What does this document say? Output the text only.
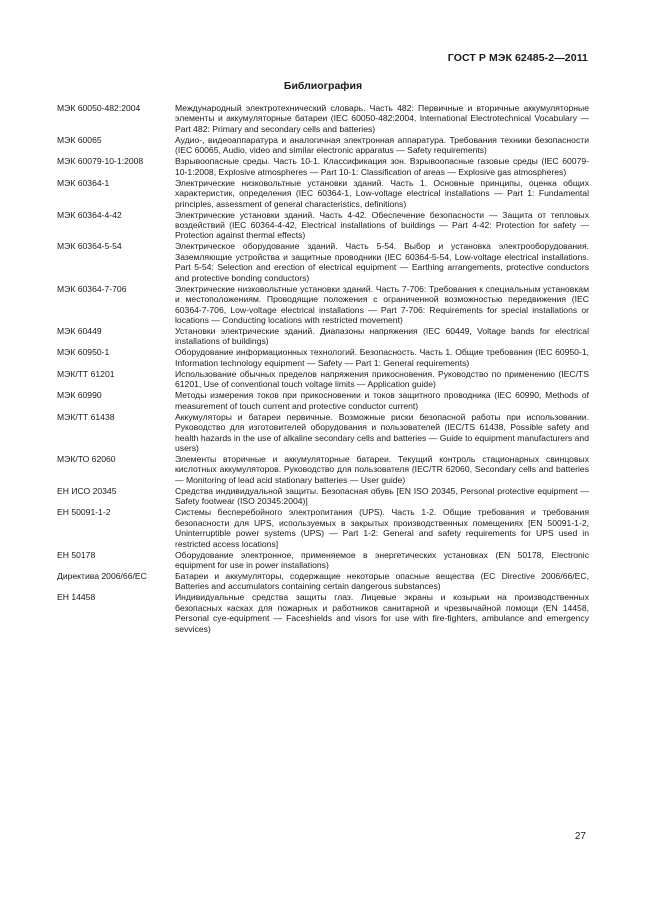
ГОСТ Р МЭК 62485-2—2011
Библиография
МЭК 60050-482:2004	Международный электротехнический словарь. Часть 482: Первичные и вторичные аккумуляторные элементы и аккумуляторные батареи (IEC 60050-482:2004, International Electrotechnical Vocabulary — Part 482: Primary and secondary cells and batteries)
МЭК 60065	Аудио-, видеоаппаратура и аналогичная электронная аппаратура. Требования техники безопасности (IEC 60065, Audio, video and similar electronic apparatus — Safety requirements)
МЭК 60079-10-1:2008	Взрывоопасные среды. Часть 10-1. Классификация зон. Взрывоопасные газовые среды (IEC 60079-10-1:2008, Explosive atmospheres — Part 10-1: Classification of areas — Explosive gas atmospheres)
МЭК 60364-1	Электрические низковольтные установки зданий. Часть 1. Основные принципы, оценка общих характеристик, определения (IEC 60364-1, Low-voltage electrical installations — Part 1: Fundamental principles, assessment of general characteristics, definitions)
МЭК 60364-4-42	Электрические установки зданий. Часть 4-42. Обеспечение безопасности — Защита от тепловых воздействий (IEC 60364-4-42, Electrical installations of buildings — Part 4-42: Protection for safety — Protection against thermal effects)
МЭК 60364-5-54	Электрическое оборудование зданий. Часть 5-54. Выбор и установка электрооборудования. Заземляющие устройства и защитные проводники (IEC 60364-5-54, Low-voltage electrical installations. Part 5-54: Selection and erection of electrical equipment — Earthing arrangements, protective conductors and protective bonding conductors)
МЭК 60364-7-706	Электрические низковольтные установки зданий. Часть 7-706: Требования к специальным установкам и местоположениям. Проводящие положения с ограниченной возможностью передвижения (IEC 60364-7-706, Low-voltage electrical installations — Part 7-706: Requirements for special installations or locations — Conducting locations with restricted movement)
МЭК 60449	Установки электрические зданий. Диапазоны напряжения (IEC 60449, Voltage bands for electrical installations of buildings)
МЭК 60950-1	Оборудование информационных технологий. Безопасность. Часть 1. Общие требования (IEC 60950-1, Information technology equipment — Safety — Part 1: General requirements)
МЭК/ТТ 61201	Использование обычных пределов напряжения прикосновения. Руководство по применению (IEC/TS 61201, Use of conventional touch voltage limits — Application guide)
МЭК 60990	Методы измерения токов при прикосновении и токов защитного проводника (IEC 60990, Methods of measurement of touch current and protective conductor current)
МЭК/ТТ 61438	Аккумуляторы и батареи первичные. Возможные риски безопасной работы при использовании. Руководство для изготовителей оборудования и пользователей (IEC/TS 61438, Possible safety and health hazards in the use of alkaline secondary cells and batteries — Guide to equipment manufacturers and users)
МЭК/ТО 62060	Элементы вторичные и аккумуляторные батареи. Текущий контроль стационарных свинцовых кислотных аккумуляторов. Руководство для пользователя (IEC/TR 62060, Secondary cells and batteries — Monitoring of lead acid stationary batteries — User guide)
ЕН ИСО 20345	Средства индивидуальной защиты. Безопасная обувь [EN ISO 20345, Personal protective equipment — Safety footwear (ISO 20345:2004)]
ЕН 50091-1-2	Системы бесперебойного электропитания (UPS). Часть 1-2. Общие требования и требования безопасности для UPS, используемых в закрытых производственных помещениях [EN 50091-1-2, Uninterruptible power systems (UPS) — Part 1-2: General and safety requirements for UPS used in restricted access locations]
ЕН 50178	Оборудование электронное, применяемое в энергетических установках (EN 50178, Electronic equipment for use in power installations)
Директива 2006/66/ЕС	Батареи и аккумуляторы, содержащие некоторые опасные вещества (EC Directive 2006/66/EC, Batteries and accumulators containing certain dangerous substances)
ЕН 14458	Индивидуальные средства защиты глаз. Лицевые экраны и козырьки на производственных безопасных касках для пожарных и работников санитарной и чрезвычайной помощи (EN 14458, Personal cye-equipment — Faceshields and visors for use with fire-fighters, ambulance and emergency sevvices)
27
